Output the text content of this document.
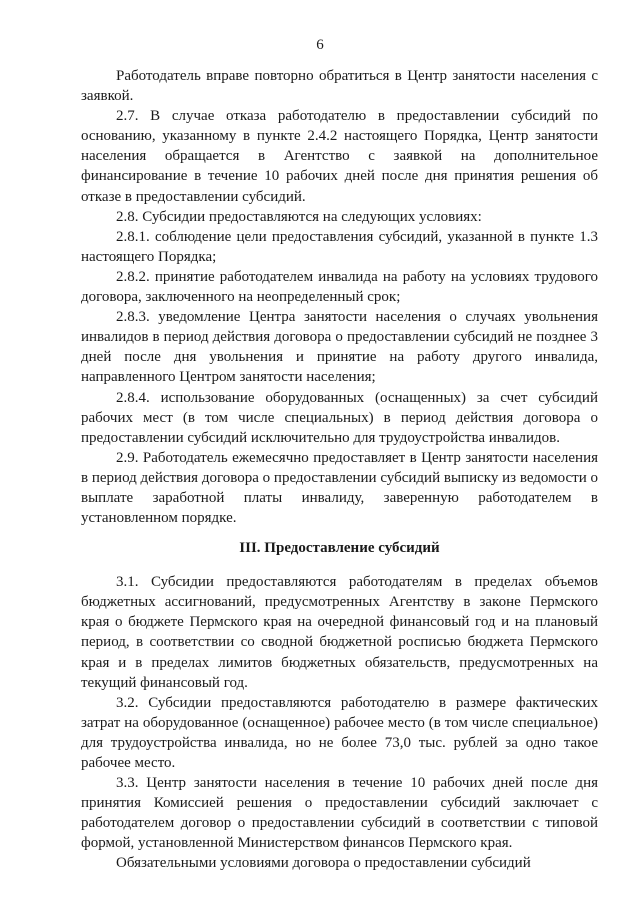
6

Работодатель вправе повторно обратиться в Центр занятости населения с заявкой.

2.7. В случае отказа работодателю в предоставлении субсидий по основанию, указанному в пункте 2.4.2 настоящего Порядка, Центр занятости населения обращается в Агентство с заявкой на дополнительное финансирование в течение 10 рабочих дней после дня принятия решения об отказе в предоставлении субсидий.

2.8. Субсидии предоставляются на следующих условиях:

2.8.1. соблюдение цели предоставления субсидий, указанной в пункте 1.3 настоящего Порядка;

2.8.2. принятие работодателем инвалида на работу на условиях трудового договора, заключенного на неопределенный срок;

2.8.3. уведомление Центра занятости населения о случаях увольнения инвалидов в период действия договора о предоставлении субсидий не позднее 3 дней после дня увольнения и принятие на работу другого инвалида, направленного Центром занятости населения;

2.8.4. использование оборудованных (оснащенных) за счет субсидий рабочих мест (в том числе специальных) в период действия договора о предоставлении субсидий исключительно для трудоустройства инвалидов.

2.9. Работодатель ежемесячно предоставляет в Центр занятости населения в период действия договора о предоставлении субсидий выписку из ведомости о выплате заработной платы инвалиду, заверенную работодателем в установленном порядке.

III. Предоставление субсидий

3.1. Субсидии предоставляются работодателям в пределах объемов бюджетных ассигнований, предусмотренных Агентству в законе Пермского края о бюджете Пермского края на очередной финансовый год и на плановый период, в соответствии со сводной бюджетной росписью бюджета Пермского края и в пределах лимитов бюджетных обязательств, предусмотренных на текущий финансовый год.

3.2. Субсидии предоставляются работодателю в размере фактических затрат на оборудованное (оснащенное) рабочее место (в том числе специальное) для трудоустройства инвалида, но не более 73,0 тыс. рублей за одно такое рабочее место.

3.3. Центр занятости населения в течение 10 рабочих дней после дня принятия Комиссией решения о предоставлении субсидий заключает с работодателем договор о предоставлении субсидий в соответствии с типовой формой, установленной Министерством финансов Пермского края.

Обязательными условиями договора о предоставлении субсидий
